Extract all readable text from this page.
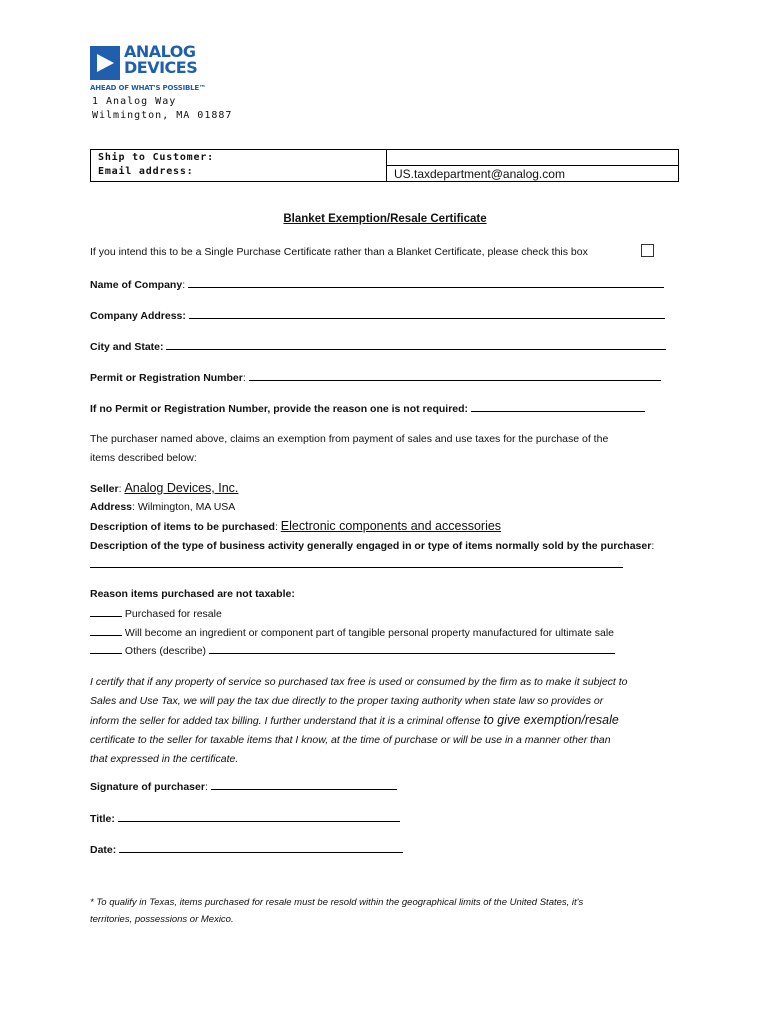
ANALOG
DEVICES
AHEAD OF WHAT'S POSSIBLE™
1 Analog Way
Wilmington, MA 01887
Ship to Customer:
Email address:	US.taxdepartment@analog.com
Blanket Exemption/Resale Certificate
If you intend this to be a Single Purchase Certificate rather than a Blanket Certificate, please check this box
Name of Company:
Company Address:
City and State:
Permit or Registration Number:
If no Permit or Registration Number, provide the reason one is not required:
The purchaser named above, claims an exemption from payment of sales and use taxes for the purchase of the
items described below:
Seller: Analog Devices, Inc.
Address: Wilmington, MA USA
Description of items to be purchased: Electronic components and accessories
Description of the type of business activity generally engaged in or type of items normally sold by the purchaser:
Reason items purchased are not taxable:
Purchased for resale
Will become an ingredient or component part of tangible personal property manufactured for ultimate sale
Others (describe)
I certify that if any property of service so purchased tax free is used or consumed by the firm as to make it subject to
Sales and Use Tax, we will pay the tax due directly to the proper taxing authority when state law so provides or
inform the seller for added tax billing. I further understand that it is a criminal offense to give exemption/resale
certificate to the seller for taxable items that I know, at the time of purchase or will be use in a manner other than
that expressed in the certificate.
Signature of purchaser:
Title:
Date:
* To qualify in Texas, items purchased for resale must be resold within the geographical limits of the United States, it's
territories, possessions or Mexico.
